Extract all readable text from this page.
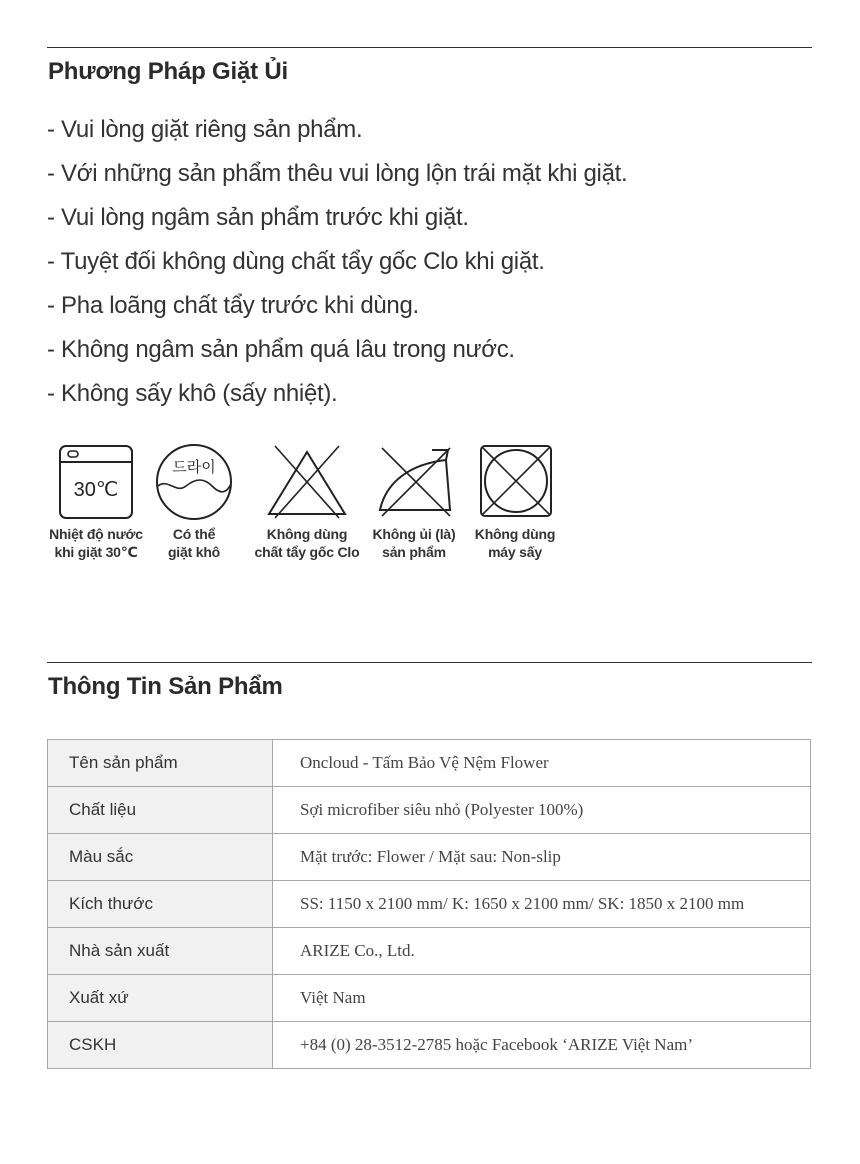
Phương Pháp Giặt Ủi
- Vui lòng giặt riêng sản phẩm.
- Với những sản phẩm thêu vui lòng lộn trái mặt khi giặt.
- Vui lòng ngâm sản phẩm trước khi giặt.
- Tuyệt đối không dùng chất tẩy gốc Clo khi giặt.
- Pha loãng chất tẩy trước khi dùng.
- Không ngâm sản phẩm quá lâu trong nước.
- Không sấy khô (sấy nhiệt).
30℃
Nhiệt độ nước
khi giặt 30℃
드라이
Có thể
giặt khô
Không dùng
chất tẩy gốc Clo
Không ủi (là)
sản phẩm
Không dùng
máy sấy
Thông Tin Sản Phẩm
Tên sản phẩm	Oncloud - Tấm Bảo Vệ Nệm Flower
Chất liệu	Sợi microfiber siêu nhỏ (Polyester 100%)
Màu sắc	Mặt trước: Flower / Mặt sau: Non-slip
Kích thước	SS: 1150 x 2100 mm/ K: 1650 x 2100 mm/ SK: 1850 x 2100 mm
Nhà sản xuất	ARIZE Co., Ltd.
Xuất xứ	Việt Nam
CSKH	+84 (0) 28-3512-2785 hoặc Facebook ‘ARIZE Việt Nam’
